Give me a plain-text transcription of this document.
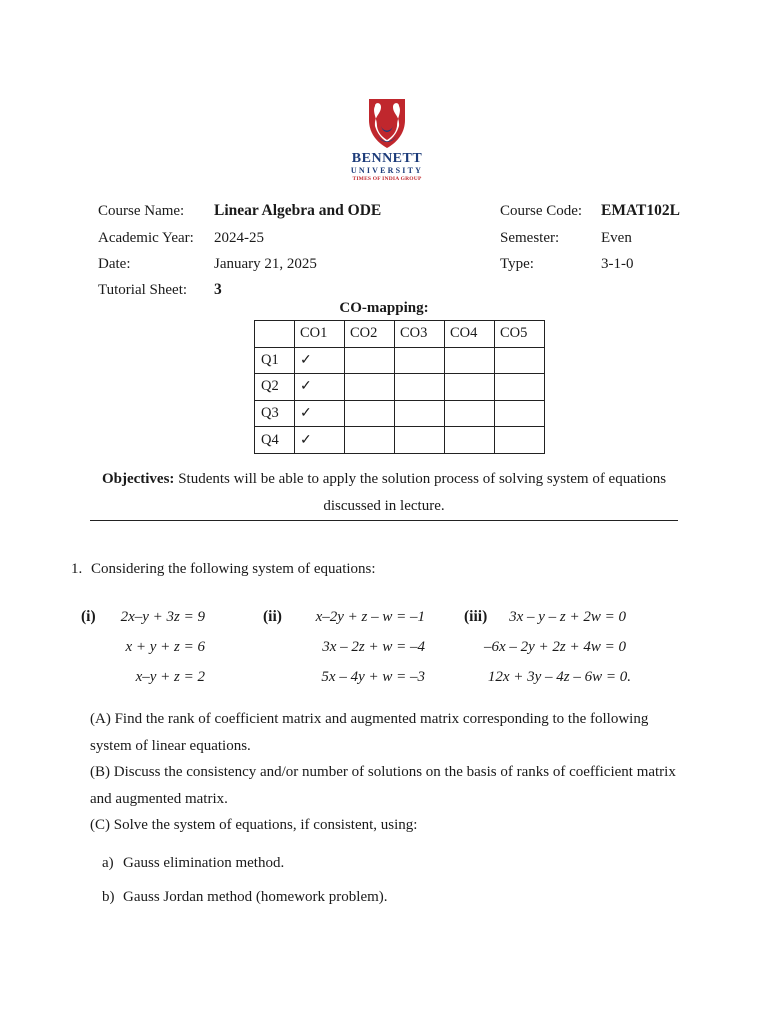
BENNETT
UNIVERSITY
TIMES OF INDIA GROUP
Course Name: Linear Algebra and ODE	Course Code: EMAT102L
Academic Year: 2024-25	Semester:	Even
Date:	January 21, 2025	Type:	3-1-0
Tutorial Sheet: 3
CO-mapping:
	CO1	CO2	CO3	CO4	CO5
Q1	✓				
Q2	✓				
Q3	✓				
Q4	✓				
Objectives: Students will be able to apply the solution process of solving system of equations discussed in lecture.
1. Considering the following system of equations:
(i) 2x–y + 3z = 9
x + y + z = 6
x–y + z = 2
(ii) x–2y + z – w = –1
3x – 2z + w = –4
5x – 4y + w = –3
(iii) 3x – y – z + 2w = 0
–6x – 2y + 2z + 4w = 0
12x + 3y – 4z – 6w = 0.
(A) Find the rank of coefficient matrix and augmented matrix corresponding to the following system of linear equations.
(B) Discuss the consistency and/or number of solutions on the basis of ranks of coefficient matrix and augmented matrix.
(C) Solve the system of equations, if consistent, using:
a) Gauss elimination method.
b) Gauss Jordan method (homework problem).
